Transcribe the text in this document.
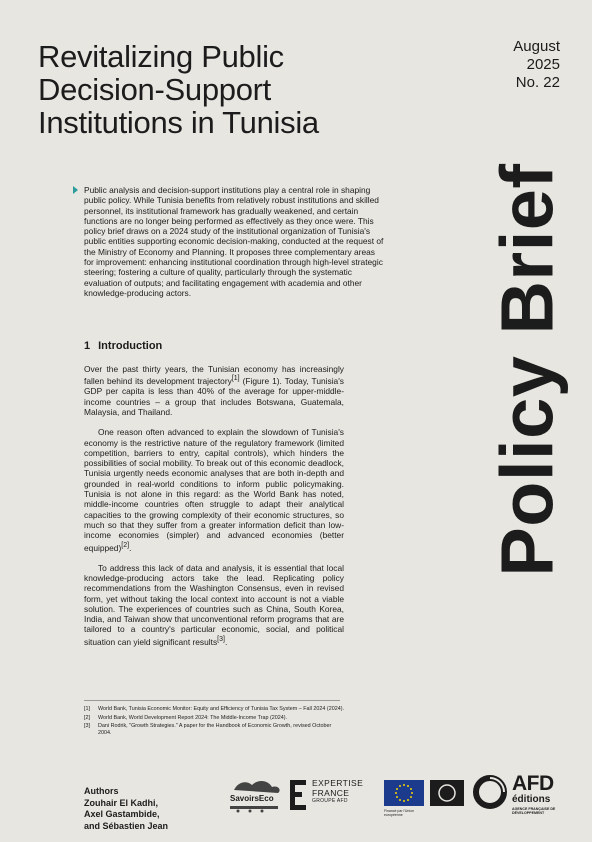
Revitalizing Public
Decision-Support
Institutions in Tunisia
August
2025
No. 22
Policy Brief
Public analysis and decision-support institutions play a central role in shaping public policy. While Tunisia benefits from relatively robust institutions and skilled personnel, its institutional framework has gradually weakened, and certain functions are no longer being performed as effectively as they once were. This policy brief draws on a 2024 study of the institutional organization of Tunisia's public entities supporting economic decision-making, conducted at the request of the Ministry of Economy and Planning. It proposes three complementary areas for improvement: enhancing institutional coordination through high-level strategic steering; fostering a culture of quality, particularly through the systematic evaluation of outputs; and facilitating engagement with academia and other knowledge-producing actors.
1 Introduction

Over the past thirty years, the Tunisian economy has increasingly fallen behind its development trajectory[1] (Figure 1). Today, Tunisia's GDP per capita is less than 40% of the average for upper-middle- income countries – a group that includes Botswana, Guatemala, Malaysia, and Thailand.

One reason often advanced to explain the slowdown of Tunisia's economy is the restrictive nature of the regulatory framework (limited competition, barriers to entry, capital controls), which hinders the possibilities of social mobility. To break out of this economic deadlock, Tunisia urgently needs economic analyses that are both in-depth and grounded in real-world conditions to inform public policymaking. Tunisia is not alone in this regard: as the World Bank has noted, middle-income countries often struggle to adapt their analytical capacities to the growing complexity of their economic structures, so much so that they suffer from a greater information deficit than low-income economies (simpler) and advanced economies (better equipped)[2].

To address this lack of data and analysis, it is essential that local knowledge-producing actors take the lead. Replicating policy recommendations from the Washington Consensus, even in revised form, yet without taking the local context into account is not a viable solution. The experiences of countries such as China, South Korea, India, and Taiwan show that unconventional reform programs that are tailored to a country's particular economic, social, and political situation can yield significant results[3].

[1]	World Bank, Tunisia Economic Monitor: Equity and Efficiency of Tunisia Tax System – Fall 2024 (2024).
[2]	World Bank, World Development Report 2024: The Middle-Income Trap (2024).
[3]	Dani Rodrik, "Growth Strategies." A paper for the Handbook of Economic Growth, revised October 2004.
Authors
Zouhair El Kadhi,
Axel Gastambide,
and Sébastien Jean
SavoirsEco
EXPERTISE
FRANCE
GROUPE AFD
Financé par l'Union européenne
AFD
éditions
AGENCE FRANÇAISE DE DÉVELOPPEMENT
